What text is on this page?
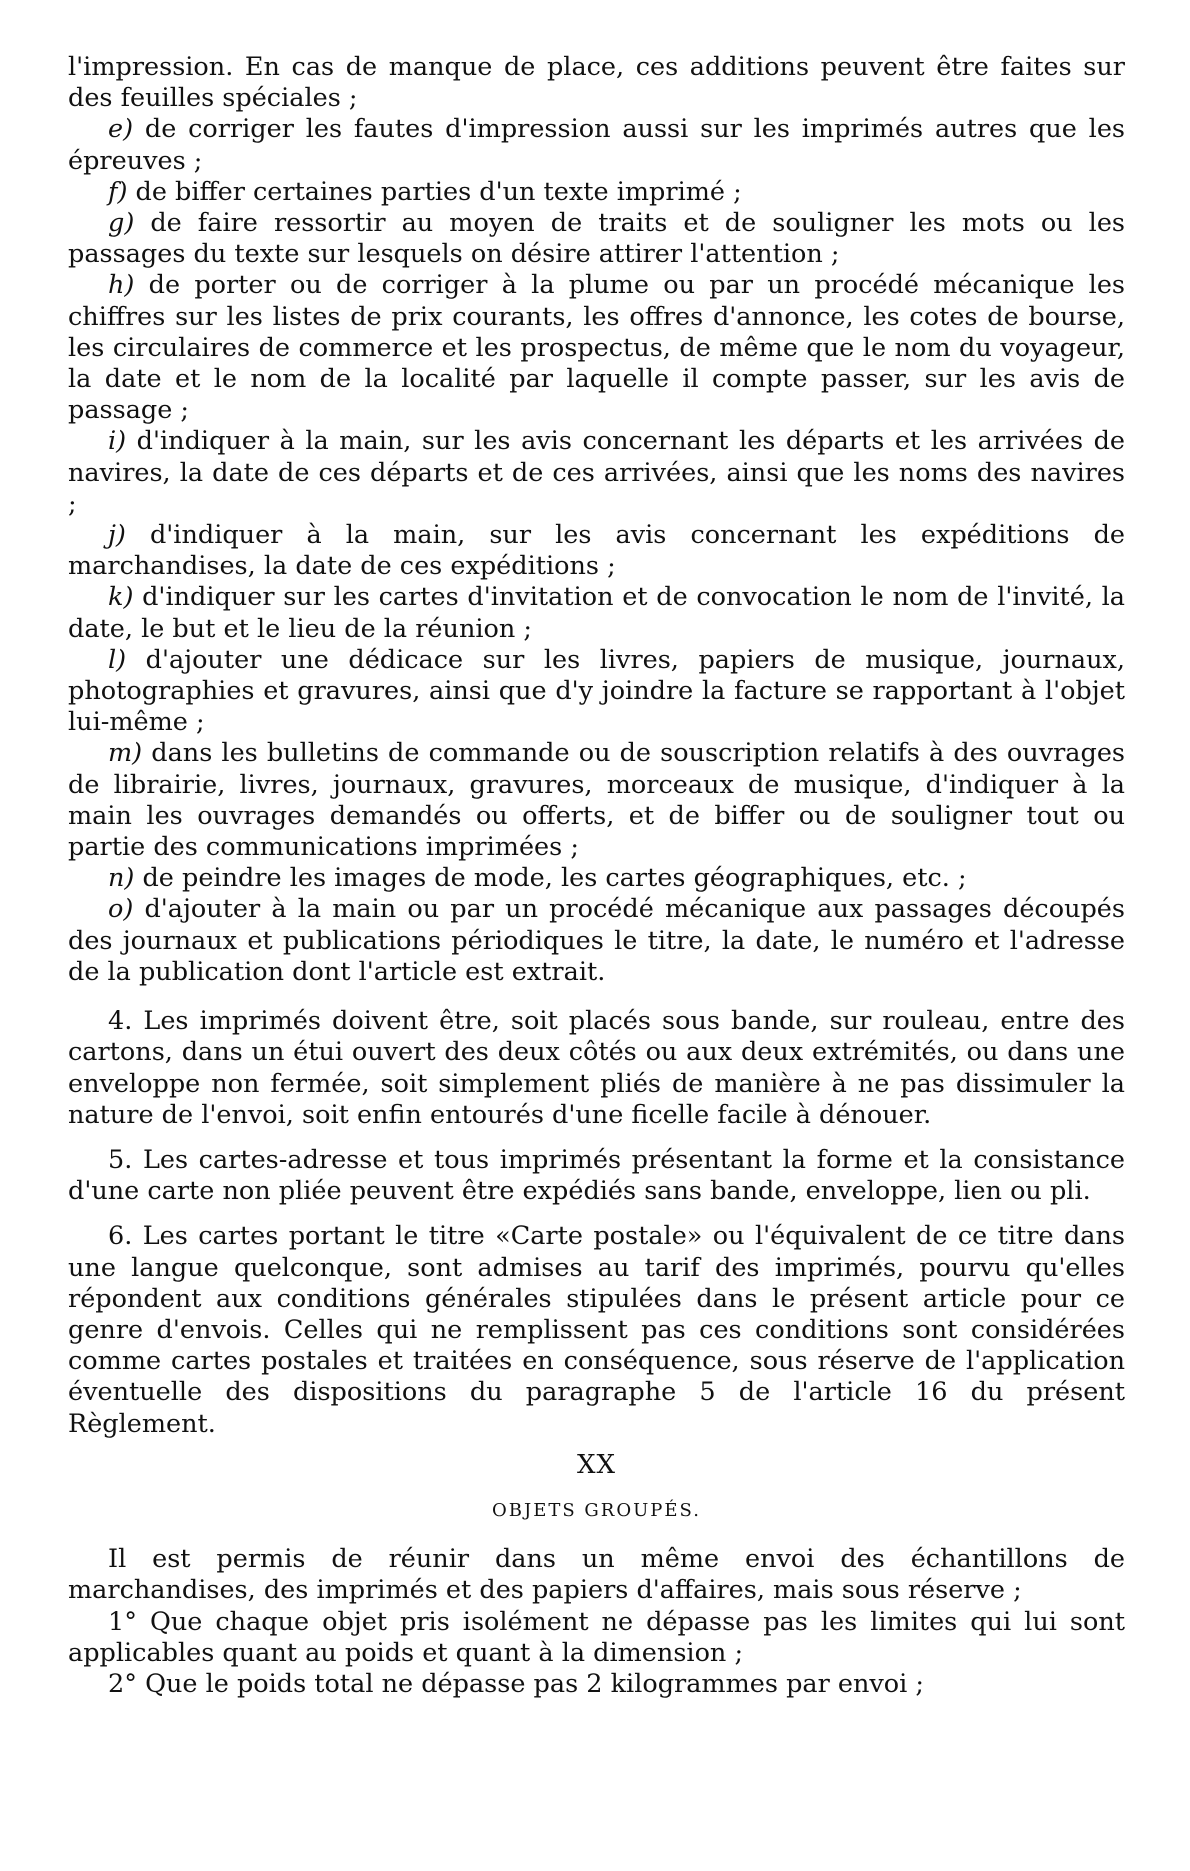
l'impression. En cas de manque de place, ces additions peuvent être faites sur des feuilles spéciales ;

e) de corriger les fautes d'impression aussi sur les imprimés autres que les épreuves ;

f) de biffer certaines parties d'un texte imprimé ;

g) de faire ressortir au moyen de traits et de souligner les mots ou les passages du texte sur lesquels on désire attirer l'attention ;

h) de porter ou de corriger à la plume ou par un procédé mécanique les chiffres sur les listes de prix courants, les offres d'annonce, les cotes de bourse, les circulaires de commerce et les prospectus, de même que le nom du voyageur, la date et le nom de la localité par laquelle il compte passer, sur les avis de passage ;

i) d'indiquer à la main, sur les avis concernant les départs et les arrivées de navires, la date de ces départs et de ces arrivées, ainsi que les noms des navires ;

j) d'indiquer à la main, sur les avis concernant les expéditions de marchandises, la date de ces expéditions ;

k) d'indiquer sur les cartes d'invitation et de convocation le nom de l'invité, la date, le but et le lieu de la réunion ;

l) d'ajouter une dédicace sur les livres, papiers de musique, journaux, photographies et gravures, ainsi que d'y joindre la facture se rapportant à l'objet lui-même ;

m) dans les bulletins de commande ou de souscription relatifs à des ouvrages de librairie, livres, journaux, gravures, morceaux de musique, d'indiquer à la main les ouvrages demandés ou offerts, et de biffer ou de souligner tout ou partie des communications imprimées ;

n) de peindre les images de mode, les cartes géographiques, etc. ;

o) d'ajouter à la main ou par un procédé mécanique aux passages découpés des journaux et publications périodiques le titre, la date, le numéro et l'adresse de la publication dont l'article est extrait.

4. Les imprimés doivent être, soit placés sous bande, sur rouleau, entre des cartons, dans un étui ouvert des deux côtés ou aux deux extrémités, ou dans une enveloppe non fermée, soit simplement pliés de manière à ne pas dissimuler la nature de l'envoi, soit enfin entourés d'une ficelle facile à dénouer.

5. Les cartes-adresse et tous imprimés présentant la forme et la consistance d'une carte non pliée peuvent être expédiés sans bande, enveloppe, lien ou pli.

6. Les cartes portant le titre «Carte postale» ou l'équivalent de ce titre dans une langue quelconque, sont admises au tarif des imprimés, pourvu qu'elles répondent aux conditions générales stipulées dans le présent article pour ce genre d'envois. Celles qui ne remplissent pas ces conditions sont considérées comme cartes postales et traitées en conséquence, sous réserve de l'application éventuelle des dispositions du paragraphe 5 de l'article 16 du présent Règlement.

XX
OBJETS GROUPÉS.

Il est permis de réunir dans un même envoi des échantillons de marchandises, des imprimés et des papiers d'affaires, mais sous réserve ;

1° Que chaque objet pris isolément ne dépasse pas les limites qui lui sont applicables quant au poids et quant à la dimension ;

2° Que le poids total ne dépasse pas 2 kilogrammes par envoi ;
